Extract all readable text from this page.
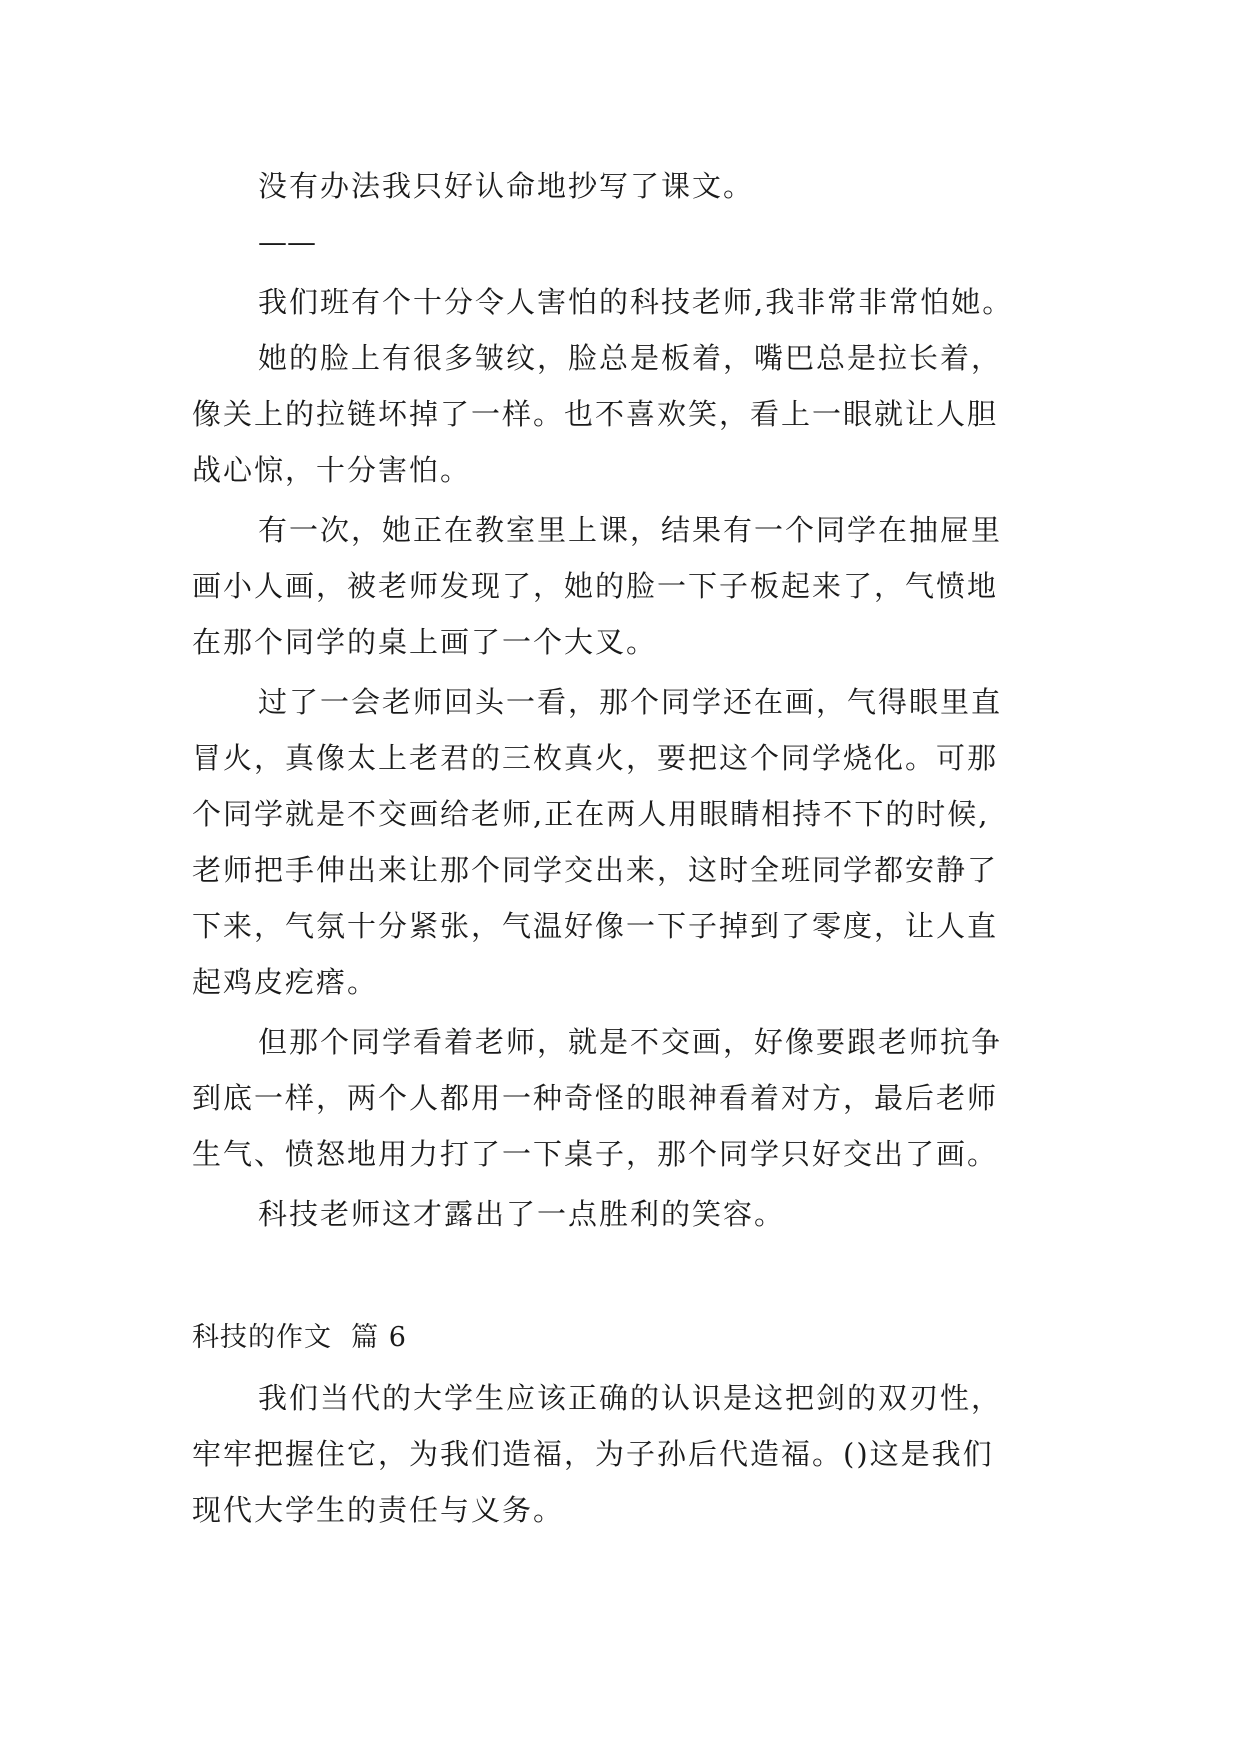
没有办法我只好认命地抄写了课文。
——
我们班有个十分令人害怕的科技老师,我非常非常怕她。
她的脸上有很多皱纹，脸总是板着，嘴巴总是拉长着，
像关上的拉链坏掉了一样。也不喜欢笑，看上一眼就让人胆
战心惊，十分害怕。
有一次，她正在教室里上课，结果有一个同学在抽屉里
画小人画，被老师发现了，她的脸一下子板起来了，气愤地
在那个同学的桌上画了一个大叉。
过了一会老师回头一看，那个同学还在画，气得眼里直
冒火，真像太上老君的三枚真火，要把这个同学烧化。可那
个同学就是不交画给老师,正在两人用眼睛相持不下的时候,
老师把手伸出来让那个同学交出来，这时全班同学都安静了
下来，气氛十分紧张，气温好像一下子掉到了零度，让人直
起鸡皮疙瘩。
但那个同学看着老师，就是不交画，好像要跟老师抗争
到底一样，两个人都用一种奇怪的眼神看着对方，最后老师
生气、愤怒地用力打了一下桌子，那个同学只好交出了画。
科技老师这才露出了一点胜利的笑容。
科技的作文  篇 6
我们当代的大学生应该正确的认识是这把剑的双刃性，
牢牢把握住它，为我们造福，为子孙后代造福。()这是我们
现代大学生的责任与义务。
